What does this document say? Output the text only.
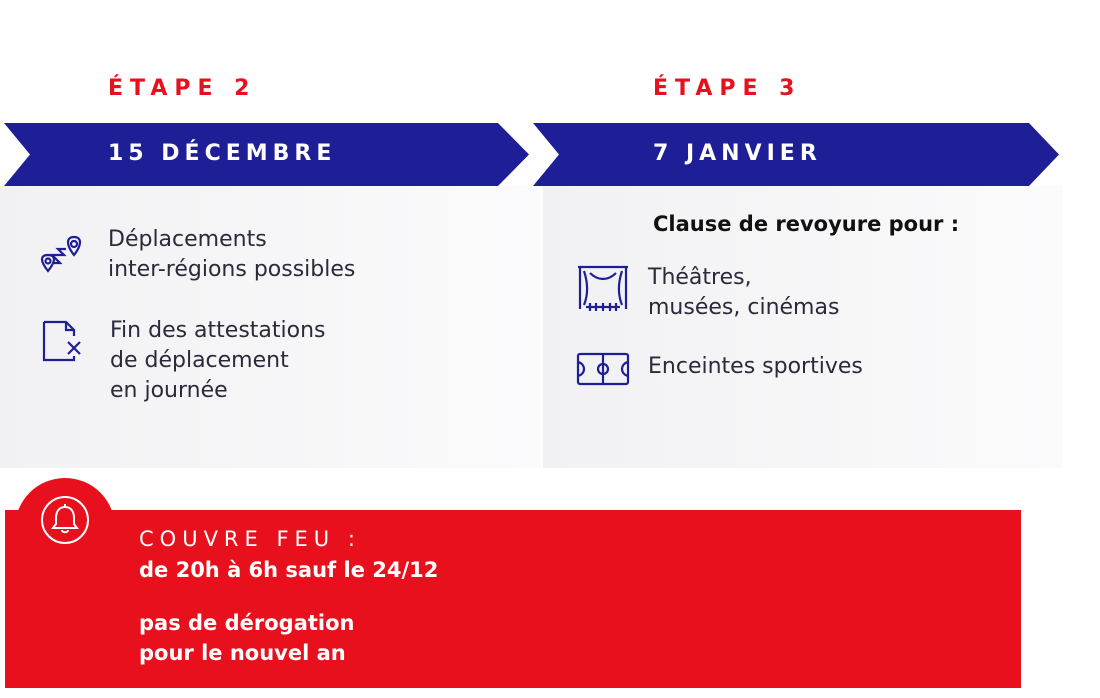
ÉTAPE 2	ÉTAPE 3
15 DÉCEMBRE	7 JANVIER
Déplacements
inter-régions possibles
Fin des attestations
de déplacement
en journée
Clause de revoyure pour :
Théâtres,
musées, cinémas
Enceintes sportives
COUVRE FEU :
de 20h à 6h sauf le 24/12
pas de dérogation
pour le nouvel an
